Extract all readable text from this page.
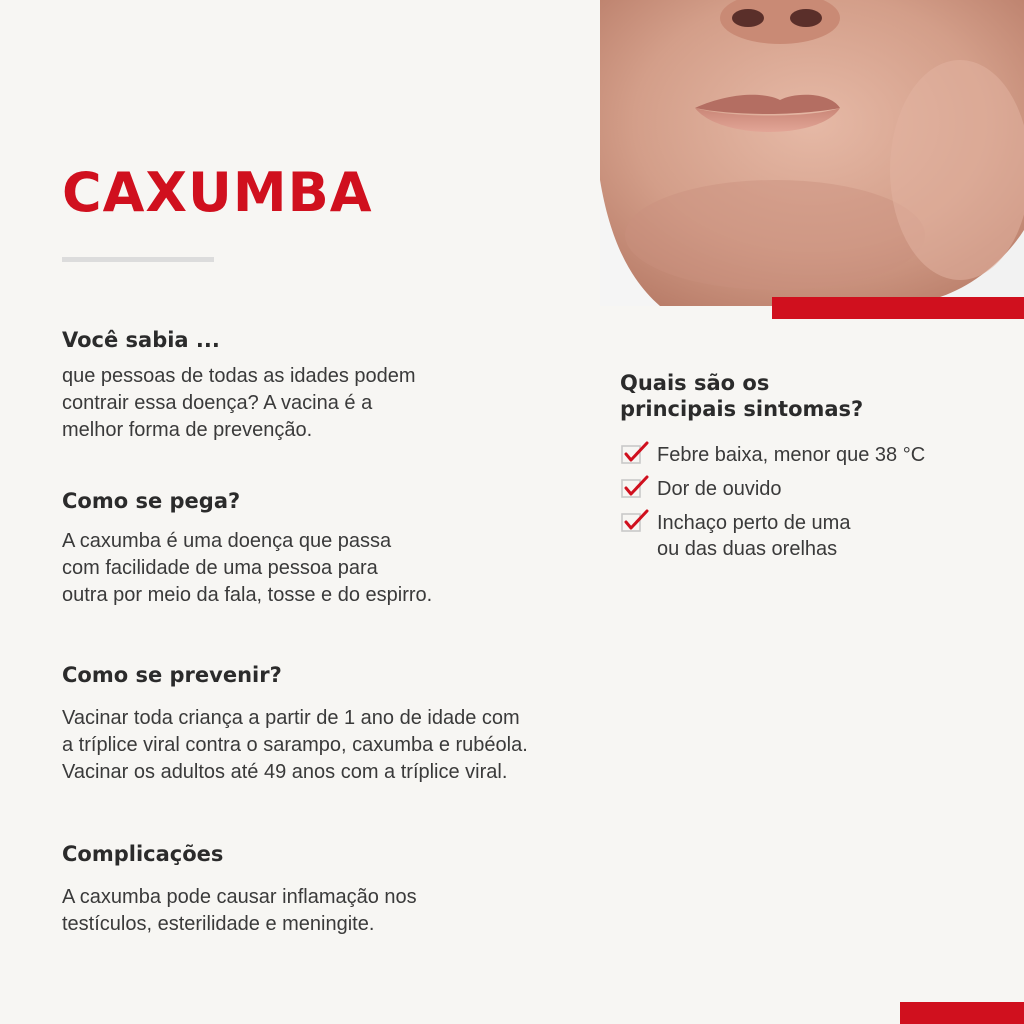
CAXUMBA
Você sabia ...

que pessoas de todas as idades podem
contrair essa doença? A vacina é a
melhor forma de prevenção.

Como se pega?

A caxumba é uma doença que passa
com facilidade de uma pessoa para
outra por meio da fala, tosse e do espirro.

Como se prevenir?

Vacinar toda criança a partir de 1 ano de idade com
a tríplice viral contra o sarampo, caxumba e rubéola.
Vacinar os adultos até 49 anos com a tríplice viral.

Complicações

A caxumba pode causar inflamação nos
testículos, esterilidade e meningite.

Quais são os
principais sintomas?
Febre baixa, menor que 38 °C
Dor de ouvido
Inchaço perto de uma
ou das duas orelhas
